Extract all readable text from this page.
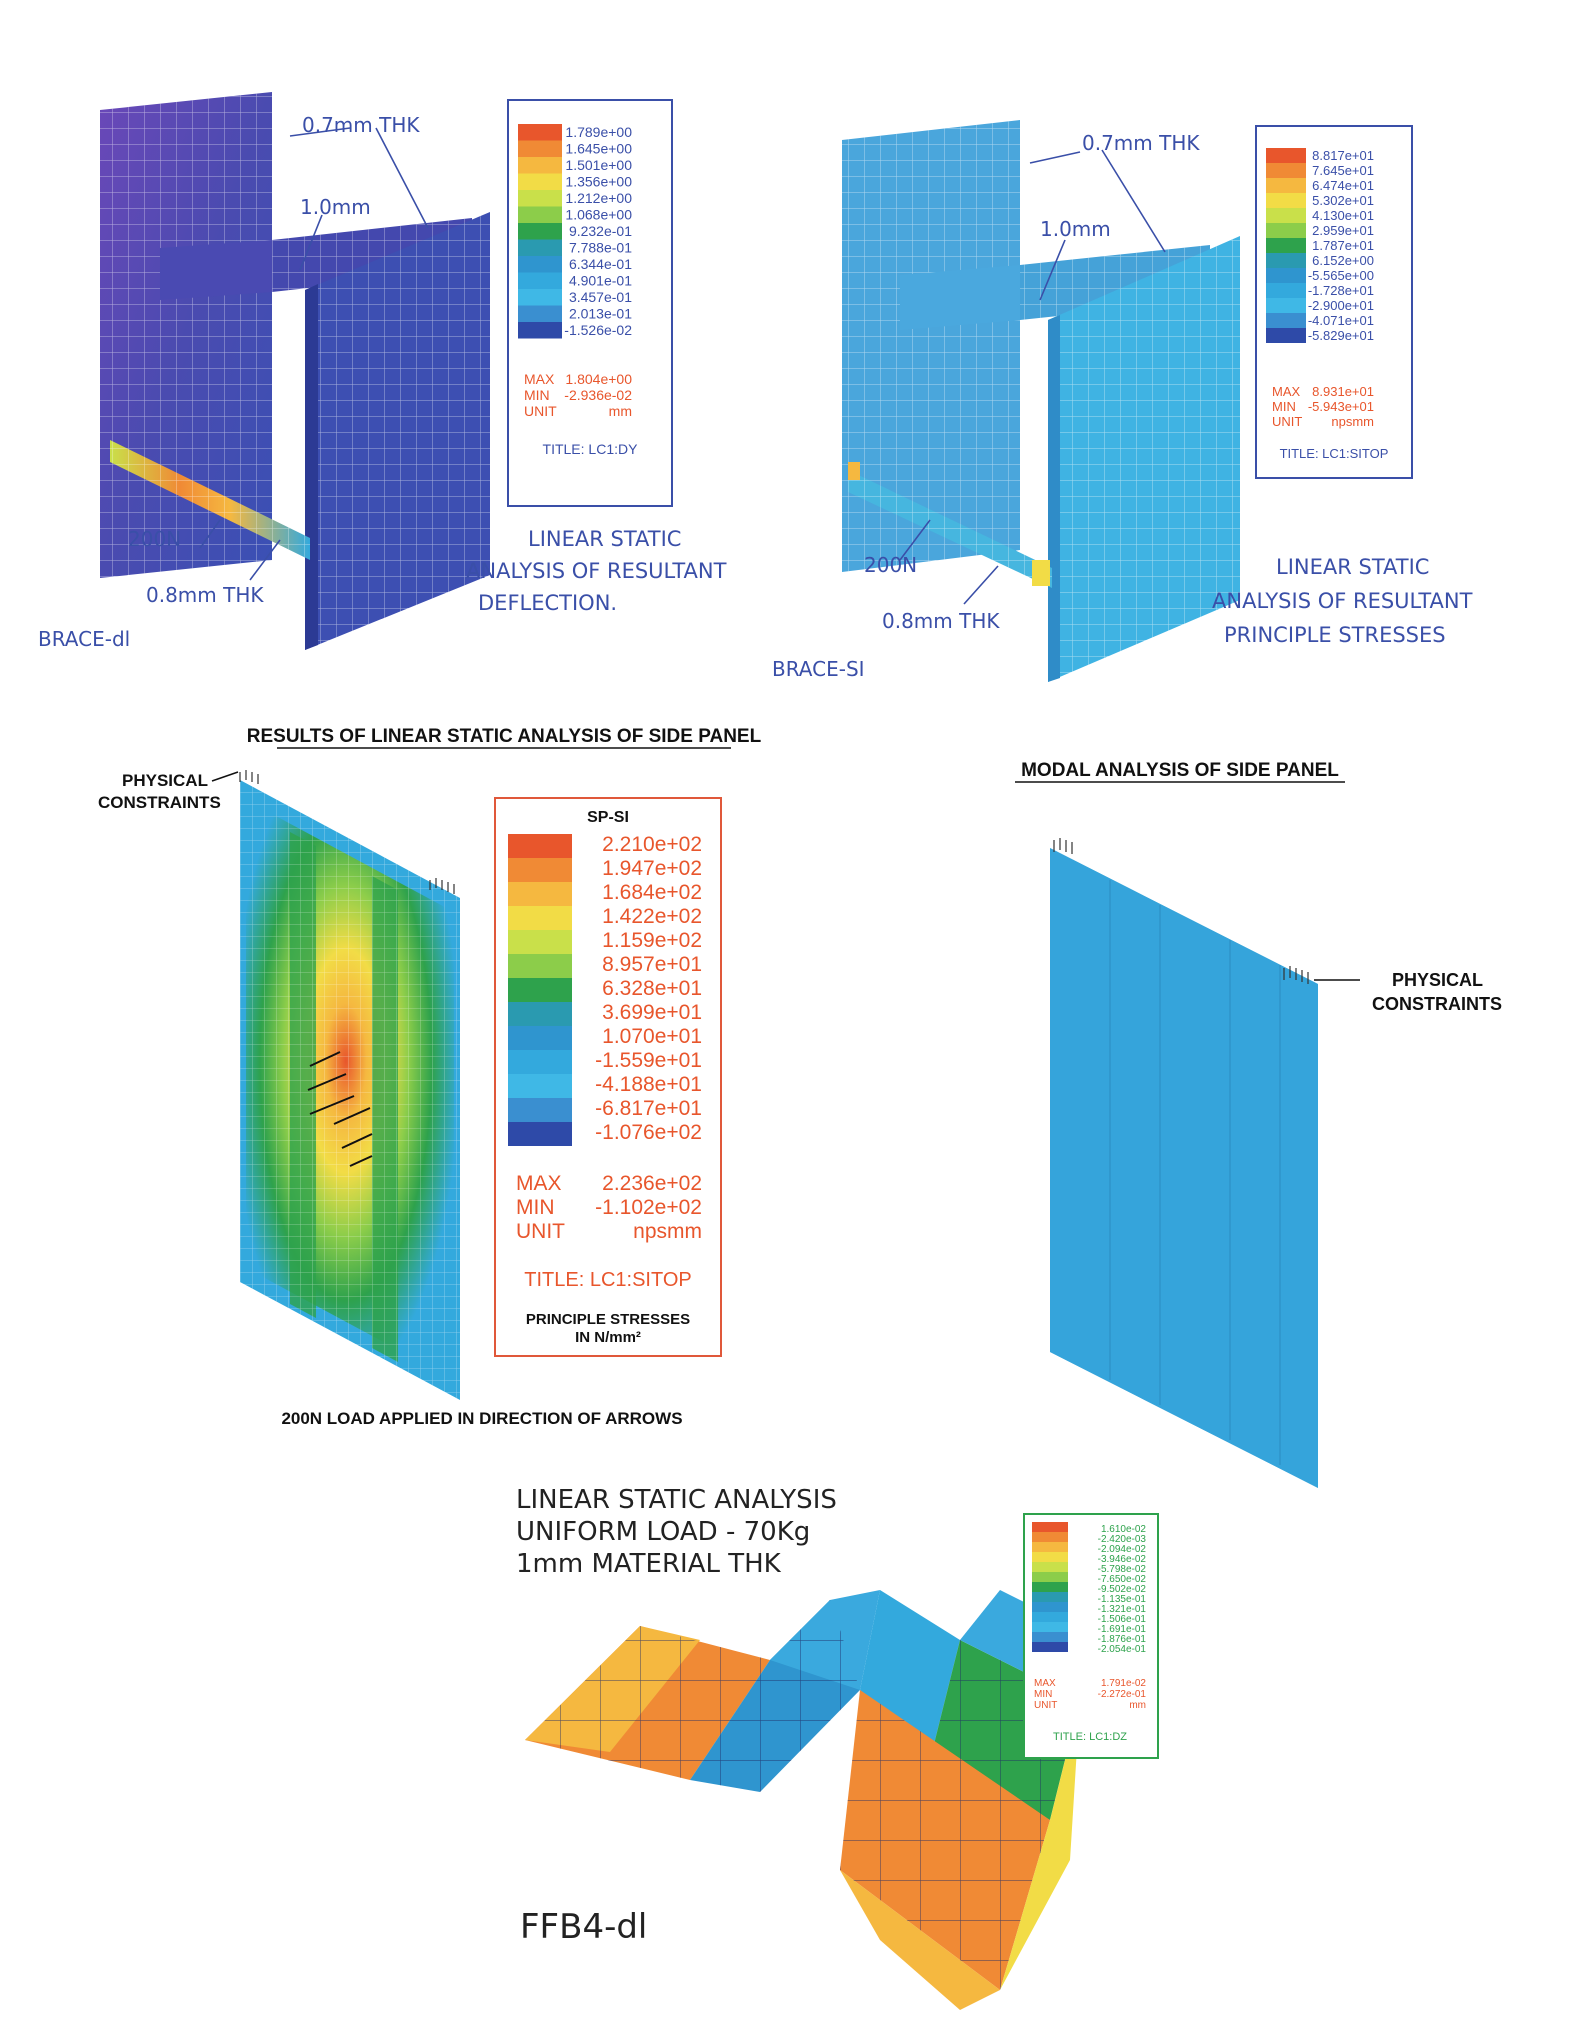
0.7mm THK
1.0mm
200N
0.8mm THK
BRACE-dl
LINEAR STATIC
ANALYSIS OF RESULTANT
DEFLECTION.
1.789e+00
1.645e+00
1.501e+00
1.356e+00
1.212e+00
1.068e+00
9.232e-01
7.788e-01
6.344e-01
4.901e-01
3.457e-01
2.013e-01
-1.526e-02
MAX 1.804e+00
MIN -2.936e-02
UNIT	mm
TITLE: LC1:DY
0.7mm THK
1.0mm
200N
0.8mm THK
BRACE-SI
LINEAR STATIC
ANALYSIS OF RESULTANT
PRINCIPLE STRESSES
8.817e+01
7.645e+01
6.474e+01
5.302e+01
4.130e+01
2.959e+01
1.787e+01
6.152e+00
-5.565e+00
-1.728e+01
-2.900e+01
-4.071e+01
-5.829e+01
MAX 8.931e+01
MIN -5.943e+01
UNIT npsmm
TITLE: LC1:SITOP
RESULTS OF LINEAR STATIC ANALYSIS OF SIDE PANEL
PHYSICAL
CONSTRAINTS
200N LOAD APPLIED IN DIRECTION OF ARROWS
SP-SI
2.210e+02
1.947e+02
1.684e+02
1.422e+02
1.159e+02
8.957e+01
6.328e+01
3.699e+01
1.070e+01
-1.559e+01
-4.188e+01
-6.817e+01
-1.076e+02
MAX 2.236e+02
MIN -1.102e+02
UNIT	npsmm
TITLE: LC1:SITOP
PRINCIPLE STRESSES
IN N/mm²
MODAL ANALYSIS OF SIDE PANEL
PHYSICAL
CONSTRAINTS
LINEAR STATIC ANALYSIS
UNIFORM LOAD - 70Kg
1mm MATERIAL THK
1.610e-02
-2.420e-03
-2.094e-02
-3.946e-02
-5.798e-02
-7.650e-02
-9.502e-02
-1.135e-01
-1.321e-01
-1.506e-01
-1.691e-01
-1.876e-01
-2.054e-01
MAX	1.791e-02
MIN	-2.272e-01
UNIT	mm
TITLE: LC1:DZ
FFB4-dl
